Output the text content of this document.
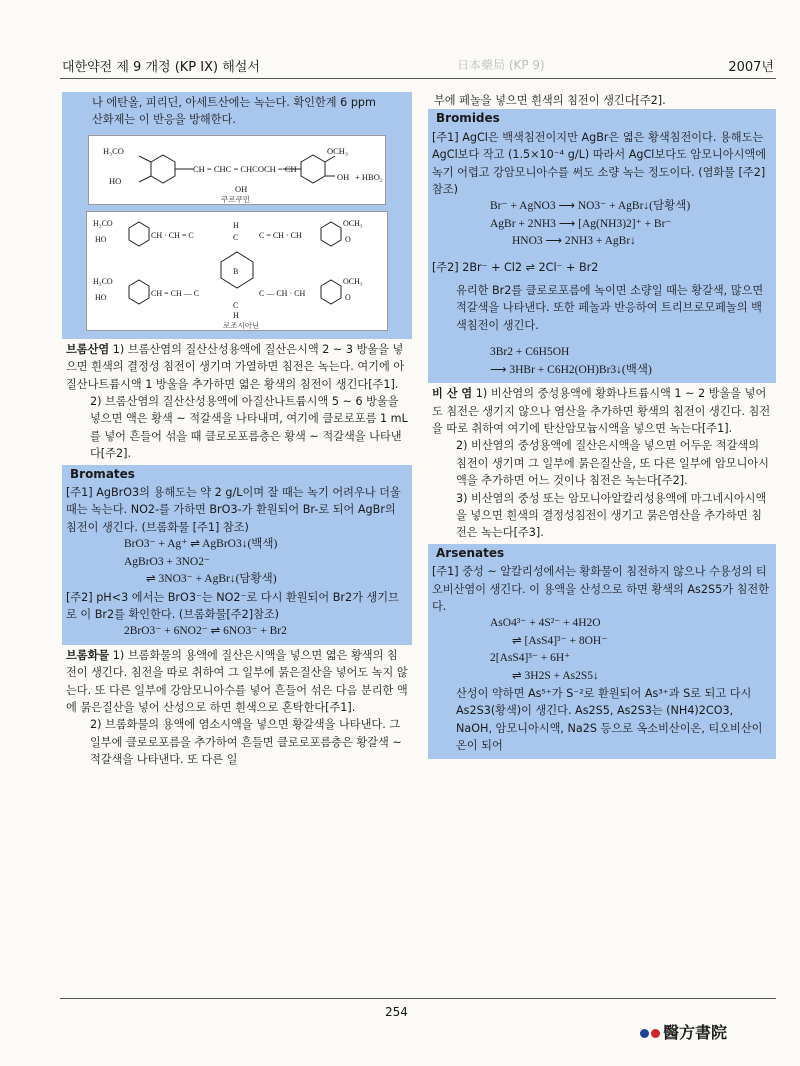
대한약전 제 9 개정 (KP IX) 해설서	日本藥局 (KP 9)	2007년

나 에탄올, 피리딘, 아세트산에는 녹는다. 확인한계 6 ppm

산화제는 이 반응을 방해한다.

H₃CO
HO
CH = CHC = CHCOCH = CH
OH
OCH₃
OH + HBO₂
쿠르쿠민
H₃CO
HO	CH · CH = C	C = CH · CH
H
C
B
H₃CO
HO	CH = CH — C	C — CH · CH
C
H
OCH₃
O
OCH₃
O
로조시아닌

브롬산염 1) 브롬산염의 질산산성용액에 질산은시액 2 ~ 3 방울을 넣으면 흰색의 결정성 침전이 생기며 가열하면 침전은 녹는다. 여기에 아질산나트륨시액 1 방울을 추가하면 엷은 황색의 침전이 생긴다[주1].

2) 브롬산염의 질산산성용액에 아질산나트륨시액 5 ~ 6 방울을 넣으면 액은 황색 ~ 적갈색을 나타내며, 여기에 클로로포름 1 mL를 넣어 흔들어 섞을 때 클로로포름층은 황색 ~ 적갈색을 나타낸다[주2].

Bromates

[주1] AgBrO3의 용해도는 약 2 g/L이며 잘 때는 녹기 어려우나 더울 때는 녹는다. NO2-를 가하면 BrO3-가 환원되어 Br-로 되어 AgBr의 침전이 생긴다. (브롬화물 [주1] 참조)

BrO3⁻ + Ag⁺ ⇌ AgBrO3↓(백색)

AgBrO3 + 3NO2⁻

⇌ 3NO3⁻ + AgBr↓(담황색)

[주2] pH<3 에서는 BrO3⁻는 NO2⁻로 다시 환원되어 Br2가 생기므로 이 Br2를 확인한다. (브롬화물[주2]참조)

2BrO3⁻ + 6NO2⁻ ⇌ 6NO3⁻ + Br2

브롬화물 1) 브롬화물의 용액에 질산은시액을 넣으면 엷은 황색의 침전이 생긴다. 침전을 따로 취하여 그 일부에 묽은질산을 넣어도 녹지 않는다. 또 다른 일부에 강암모니아수를 넣어 흔들어 섞은 다음 분리한 액에 묽은질산을 넣어 산성으로 하면 흰색으로 혼탁한다[주1].

2) 브롬화물의 용액에 염소시액을 넣으면 황갈색을 나타낸다. 그 일부에 클로로포름을 추가하여 흔들면 클로로포름층은 황갈색 ~ 적갈색을 나타낸다. 또 다른 일

부에 페놀을 넣으면 흰색의 침전이 생긴다[주2].

Bromides

[주1] AgCl은 백색침전이지만 AgBr은 엷은 황색침전이다. 용해도는 AgCl보다 작고 (1.5×10⁻⁴ g/L) 따라서 AgCl보다도 암모니아시액에 녹기 어렵고 강암모니아수를 써도 소량 녹는 정도이다. (염화물 [주2]참조)

Br⁻ + AgNO3 ⟶ NO3⁻ + AgBr↓(담황색)

AgBr + 2NH3 ⟶ [Ag(NH3)2]⁺ + Br⁻

HNO3 ⟶ 2NH3 + AgBr↓

[주2] 2Br⁻ + Cl2 ⇌ 2Cl⁻ + Br2

유리한 Br2를 클로로포름에 녹이면 소량일 때는 황갈색, 많으면 적갈색을 나타낸다. 또한 페놀과 반응하여 트리브로모페놀의 백색침전이 생긴다.

3Br2 + C6H5OH

⟶ 3HBr + C6H2(OH)Br3↓(백색)

비 산 염 1) 비산염의 중성용액에 황화나트륨시액 1 ~ 2 방울을 넣어도 침전은 생기지 않으나 염산을 추가하면 황색의 침전이 생긴다. 침전을 따로 취하여 여기에 탄산암모늄시액을 넣으면 녹는다[주1].

2) 비산염의 중성용액에 질산은시액을 넣으면 어두운 적갈색의 침전이 생기며 그 일부에 묽은질산을, 또 다른 일부에 암모니아시액을 추가하면 어느 것이나 침전은 녹는다[주2].

3) 비산염의 중성 또는 암모니아알칼리성용액에 마그네시아시액을 넣으면 흰색의 결정성침전이 생기고 묽은염산을 추가하면 침전은 녹는다[주3].

Arsenates

[주1] 중성 ~ 알칼리성에서는 황화물이 침전하지 않으나 수용성의 티오비산염이 생긴다. 이 용액을 산성으로 하면 황색의 As2S5가 침전한다.

AsO4³⁻ + 4S²⁻ + 4H2O

⇌ [AsS4]³⁻ + 8OH⁻

2[AsS4]³⁻ + 6H⁺

⇌ 3H2S + As2S5↓

산성이 약하면 As⁵⁺가 S⁻²로 환원되어 As³⁺과 S로 되고 다시 As2S3(황색)이 생긴다. As2S5, As2S3는 (NH4)2CO3, NaOH, 암모니아시액, Na2S 등으로 옥소비산이온, 티오비산이온이 되어

254
醫方書院
